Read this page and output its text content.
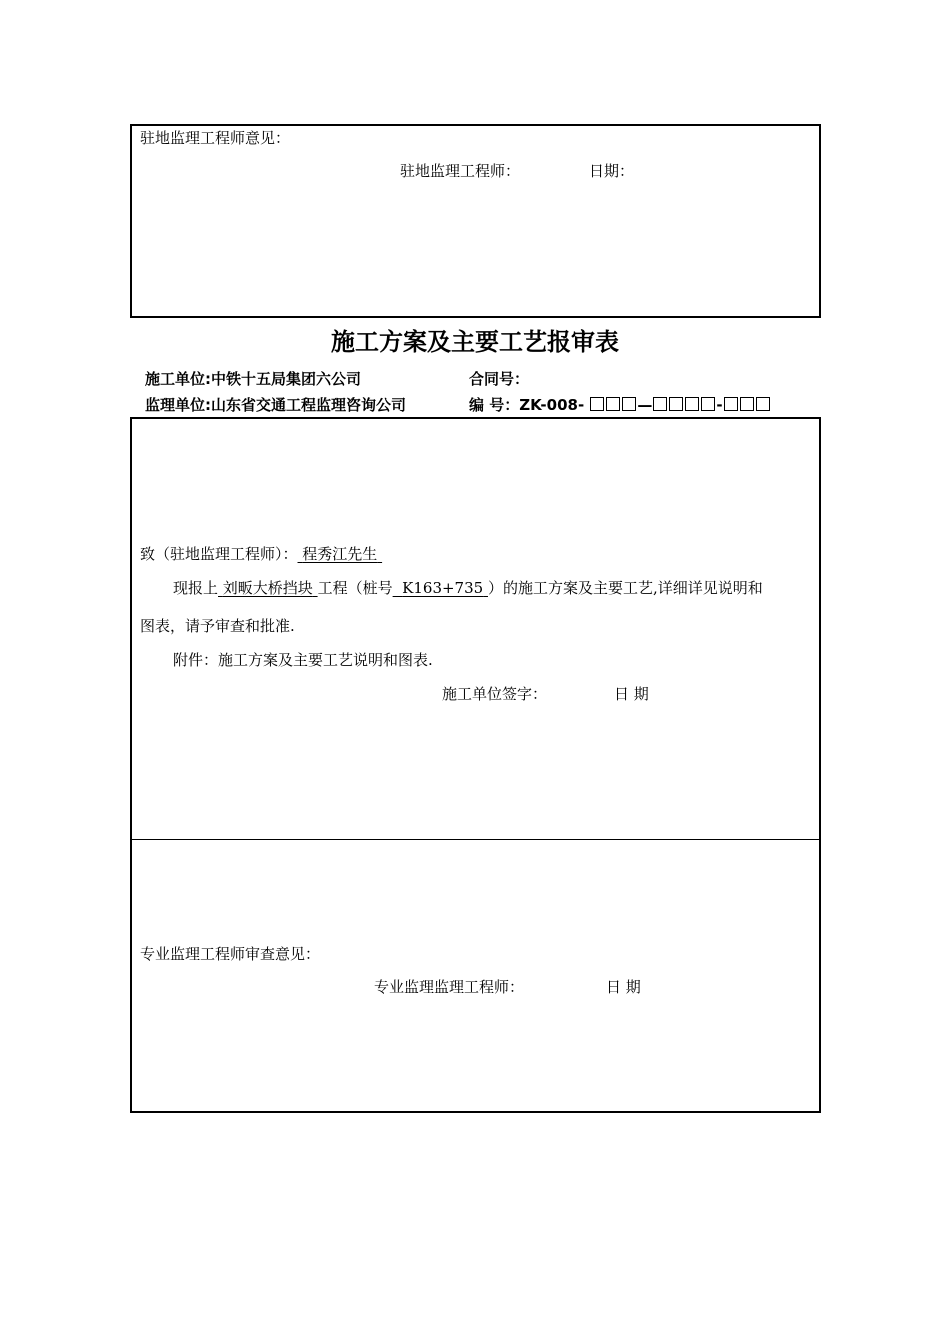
驻地监理工程师意见：
驻地监理工程师：	日期：
施工方案及主要工艺报审表
施工单位:中铁十五局集团六公司	合同号：
监理单位:山东省交通工程监理咨询公司	编 号：ZK-008-	—	-
致（驻地监理工程师）： 程秀江先生
现报上 刘畈大桥挡块 工程（桩号 K163+735 ）的施工方案及主要工艺,详细详见说明和
图表，请予审查和批准.
附件：施工方案及主要工艺说明和图表.
施工单位签字：	日 期
专业监理工程师审查意见：
专业监理监理工程师：	日 期
